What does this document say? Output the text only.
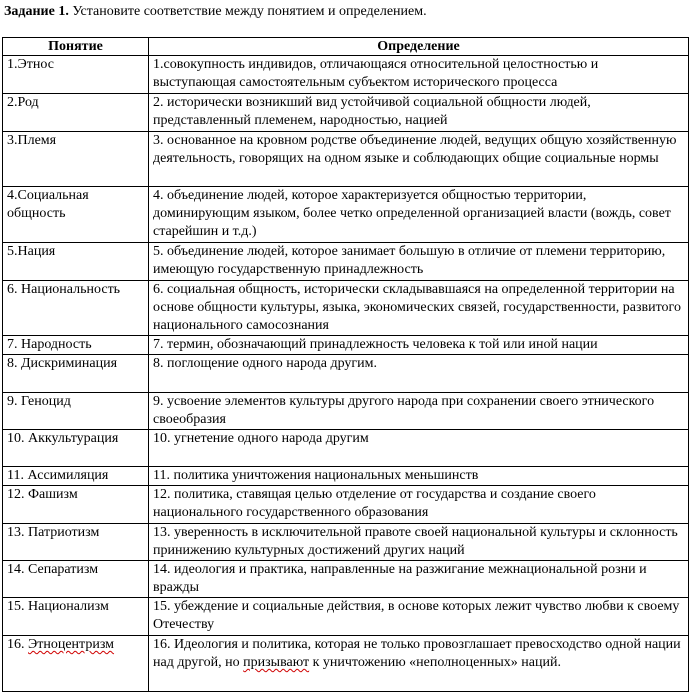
Задание 1. Установите соответствие между понятием и определением.
Понятие	Определение
1.Этнос	1.совокупность индивидов, отличающаяся относительной целостностью и выступающая самостоятельным субъектом исторического процесса
2.Род	2. исторически возникший вид устойчивой социальной общности людей, представленный племенем, народностью, нацией
3.Племя	3. основанное на кровном родстве объединение людей, ведущих общую хозяйственную деятельность, говорящих на одном языке и соблюдающих общие социальные нормы
4.Социальная общность	4. объединение людей, которое характеризуется общностью территории, доминирующим языком, более четко определенной организацией власти (вождь, совет старейшин и т.д.)
5.Нация	5. объединение людей, которое занимает большую в отличие от племени территорию, имеющую государственную принадлежность
6. Национальность	6. социальная общность, исторически складывавшаяся на определенной территории на основе общности культуры, языка, экономических связей, государственности, развитого национального самосознания
7. Народность	7. термин, обозначающий принадлежность человека к той или иной нации
8. Дискриминация	8. поглощение одного народа другим.
9. Геноцид	9. усвоение элементов культуры другого народа при сохранении своего этнического своеобразия
10. Аккультурация	10. угнетение одного народа другим
11. Ассимиляция	11. политика уничтожения национальных меньшинств
12. Фашизм	12. политика, ставящая целью отделение от государства и создание своего национального государственного образования
13. Патриотизм	13. уверенность в исключительной правоте своей национальной культуры и склонность принижению культурных достижений других наций
14. Сепаратизм	14. идеология и практика, направленные на разжигание межнациональной розни и вражды
15. Национализм	15. убеждение и социальные действия, в основе которых лежит чувство любви к своему Отечеству
16. Этноцентризм	16. Идеология и политика, которая не только провозглашает превосходство одной нации над другой, но призывают к уничтожению «неполноценных» наций.
